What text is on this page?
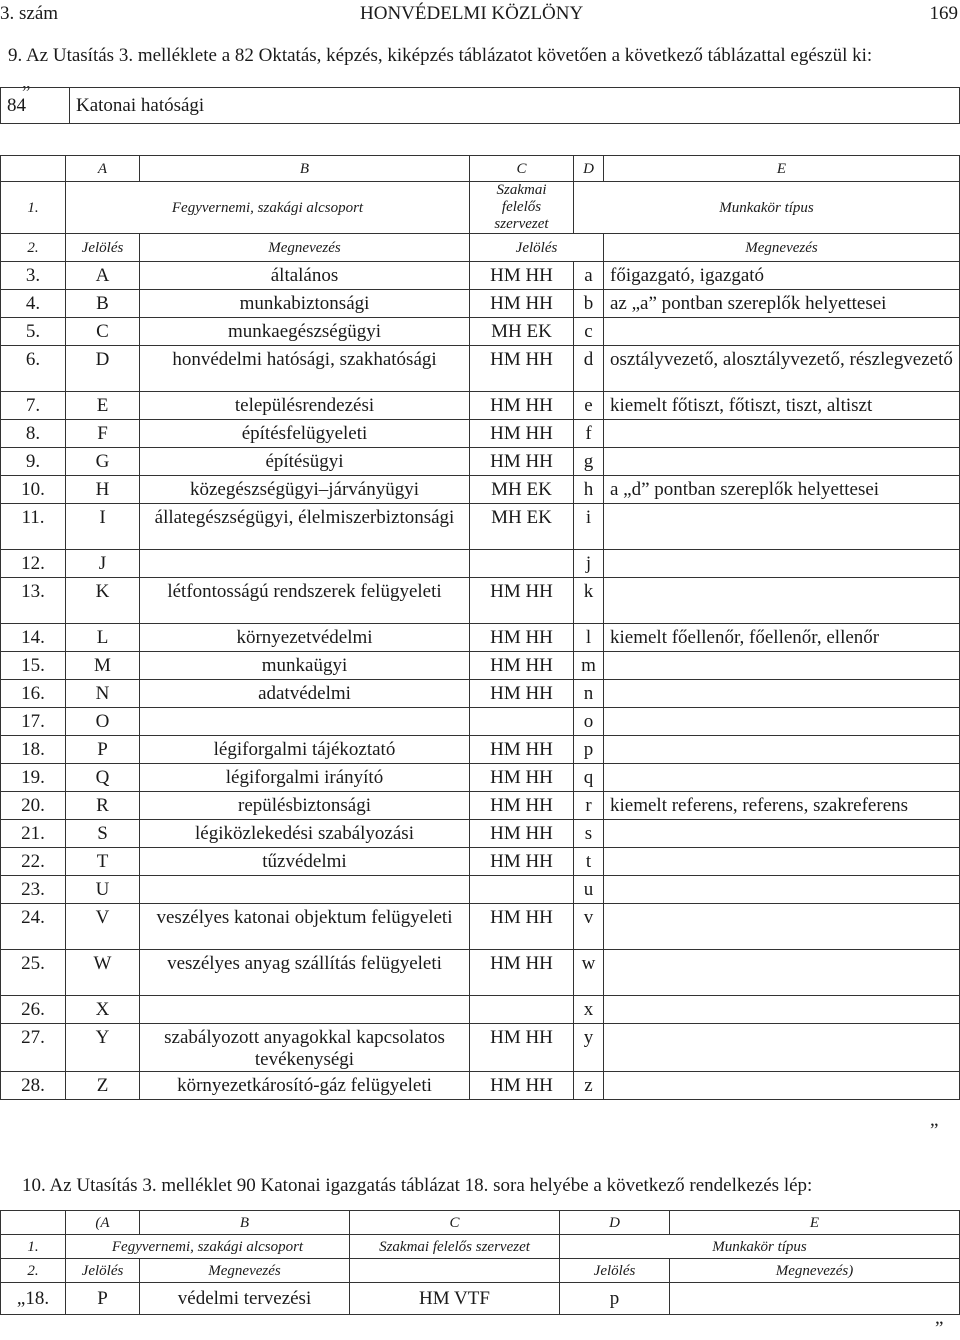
3. szám	HONVÉDELMI KÖZLÖNY	169
9. Az Utasítás 3. melléklete a 82 Oktatás, képzés, kiképzés táblázatot követően a következő táblázattal egészül ki:
„
84	Katonai hatósági
	A	B	C	D	E
1.	Fegyvernemi, szakági alcsoport		Szakmai felelős szervezet	Munkakör típus	
2.	Jelölés	Megnevezés	Jelölés		Megnevezés
3.	A	általános	HM HH	a	főigazgató, igazgató
4.	B	munkabiztonsági	HM HH	b	az „a” pontban szereplők helyettesei
5.	C	munkaegészségügyi	MH EK	c	
6.	D	honvédelmi hatósági, szakhatósági	HM HH	d	osztályvezető, alosztályvezető, részlegvezető
7.	E	településrendezési	HM HH	e	kiemelt főtiszt, főtiszt, tiszt, altiszt
8.	F	építésfelügyeleti	HM HH	f	
9.	G	építésügyi	HM HH	g	
10.	H	közegészségügyi–járványügyi	MH EK	h	a „d” pontban szereplők helyettesei
11.	I	állategészségügyi, élelmiszerbiztonsági	MH EK	i	
12.	J			j	
13.	K	létfontosságú rendszerek felügyeleti	HM HH	k	
14.	L	környezetvédelmi	HM HH	l	kiemelt főellenőr, főellenőr, ellenőr
15.	M	munkaügyi	HM HH	m	
16.	N	adatvédelmi	HM HH	n	
17.	O			o	
18.	P	légiforgalmi tájékoztató	HM HH	p	
19.	Q	légiforgalmi irányító	HM HH	q	
20.	R	repülésbiztonsági	HM HH	r	kiemelt referens, referens, szakreferens
21.	S	légiközlekedési szabályozási	HM HH	s	
22.	T	tűzvédelmi	HM HH	t	
23.	U			u	
24.	V	veszélyes katonai objektum felügyeleti	HM HH	v	
25.	W	veszélyes anyag szállítás felügyeleti	HM HH	w	
26.	X			x	
27.	Y	szabályozott anyagokkal kapcsolatos tevékenységi	HM HH	y	
28.	Z	környezetkárosító-gáz felügyeleti	HM HH	z	
”
10. Az Utasítás 3. melléklet 90 Katonai igazgatás táblázat 18. sora helyébe a következő rendelkezés lép:
	(A	B	C	D	E
1.	Fegyvernemi, szakági alcsoport		Szakmai felelős szervezet	Munkakör típus	
2.	Jelölés	Megnevezés		Jelölés	Megnevezés)
„18.	P	védelmi tervezési	HM VTF	p	
”
